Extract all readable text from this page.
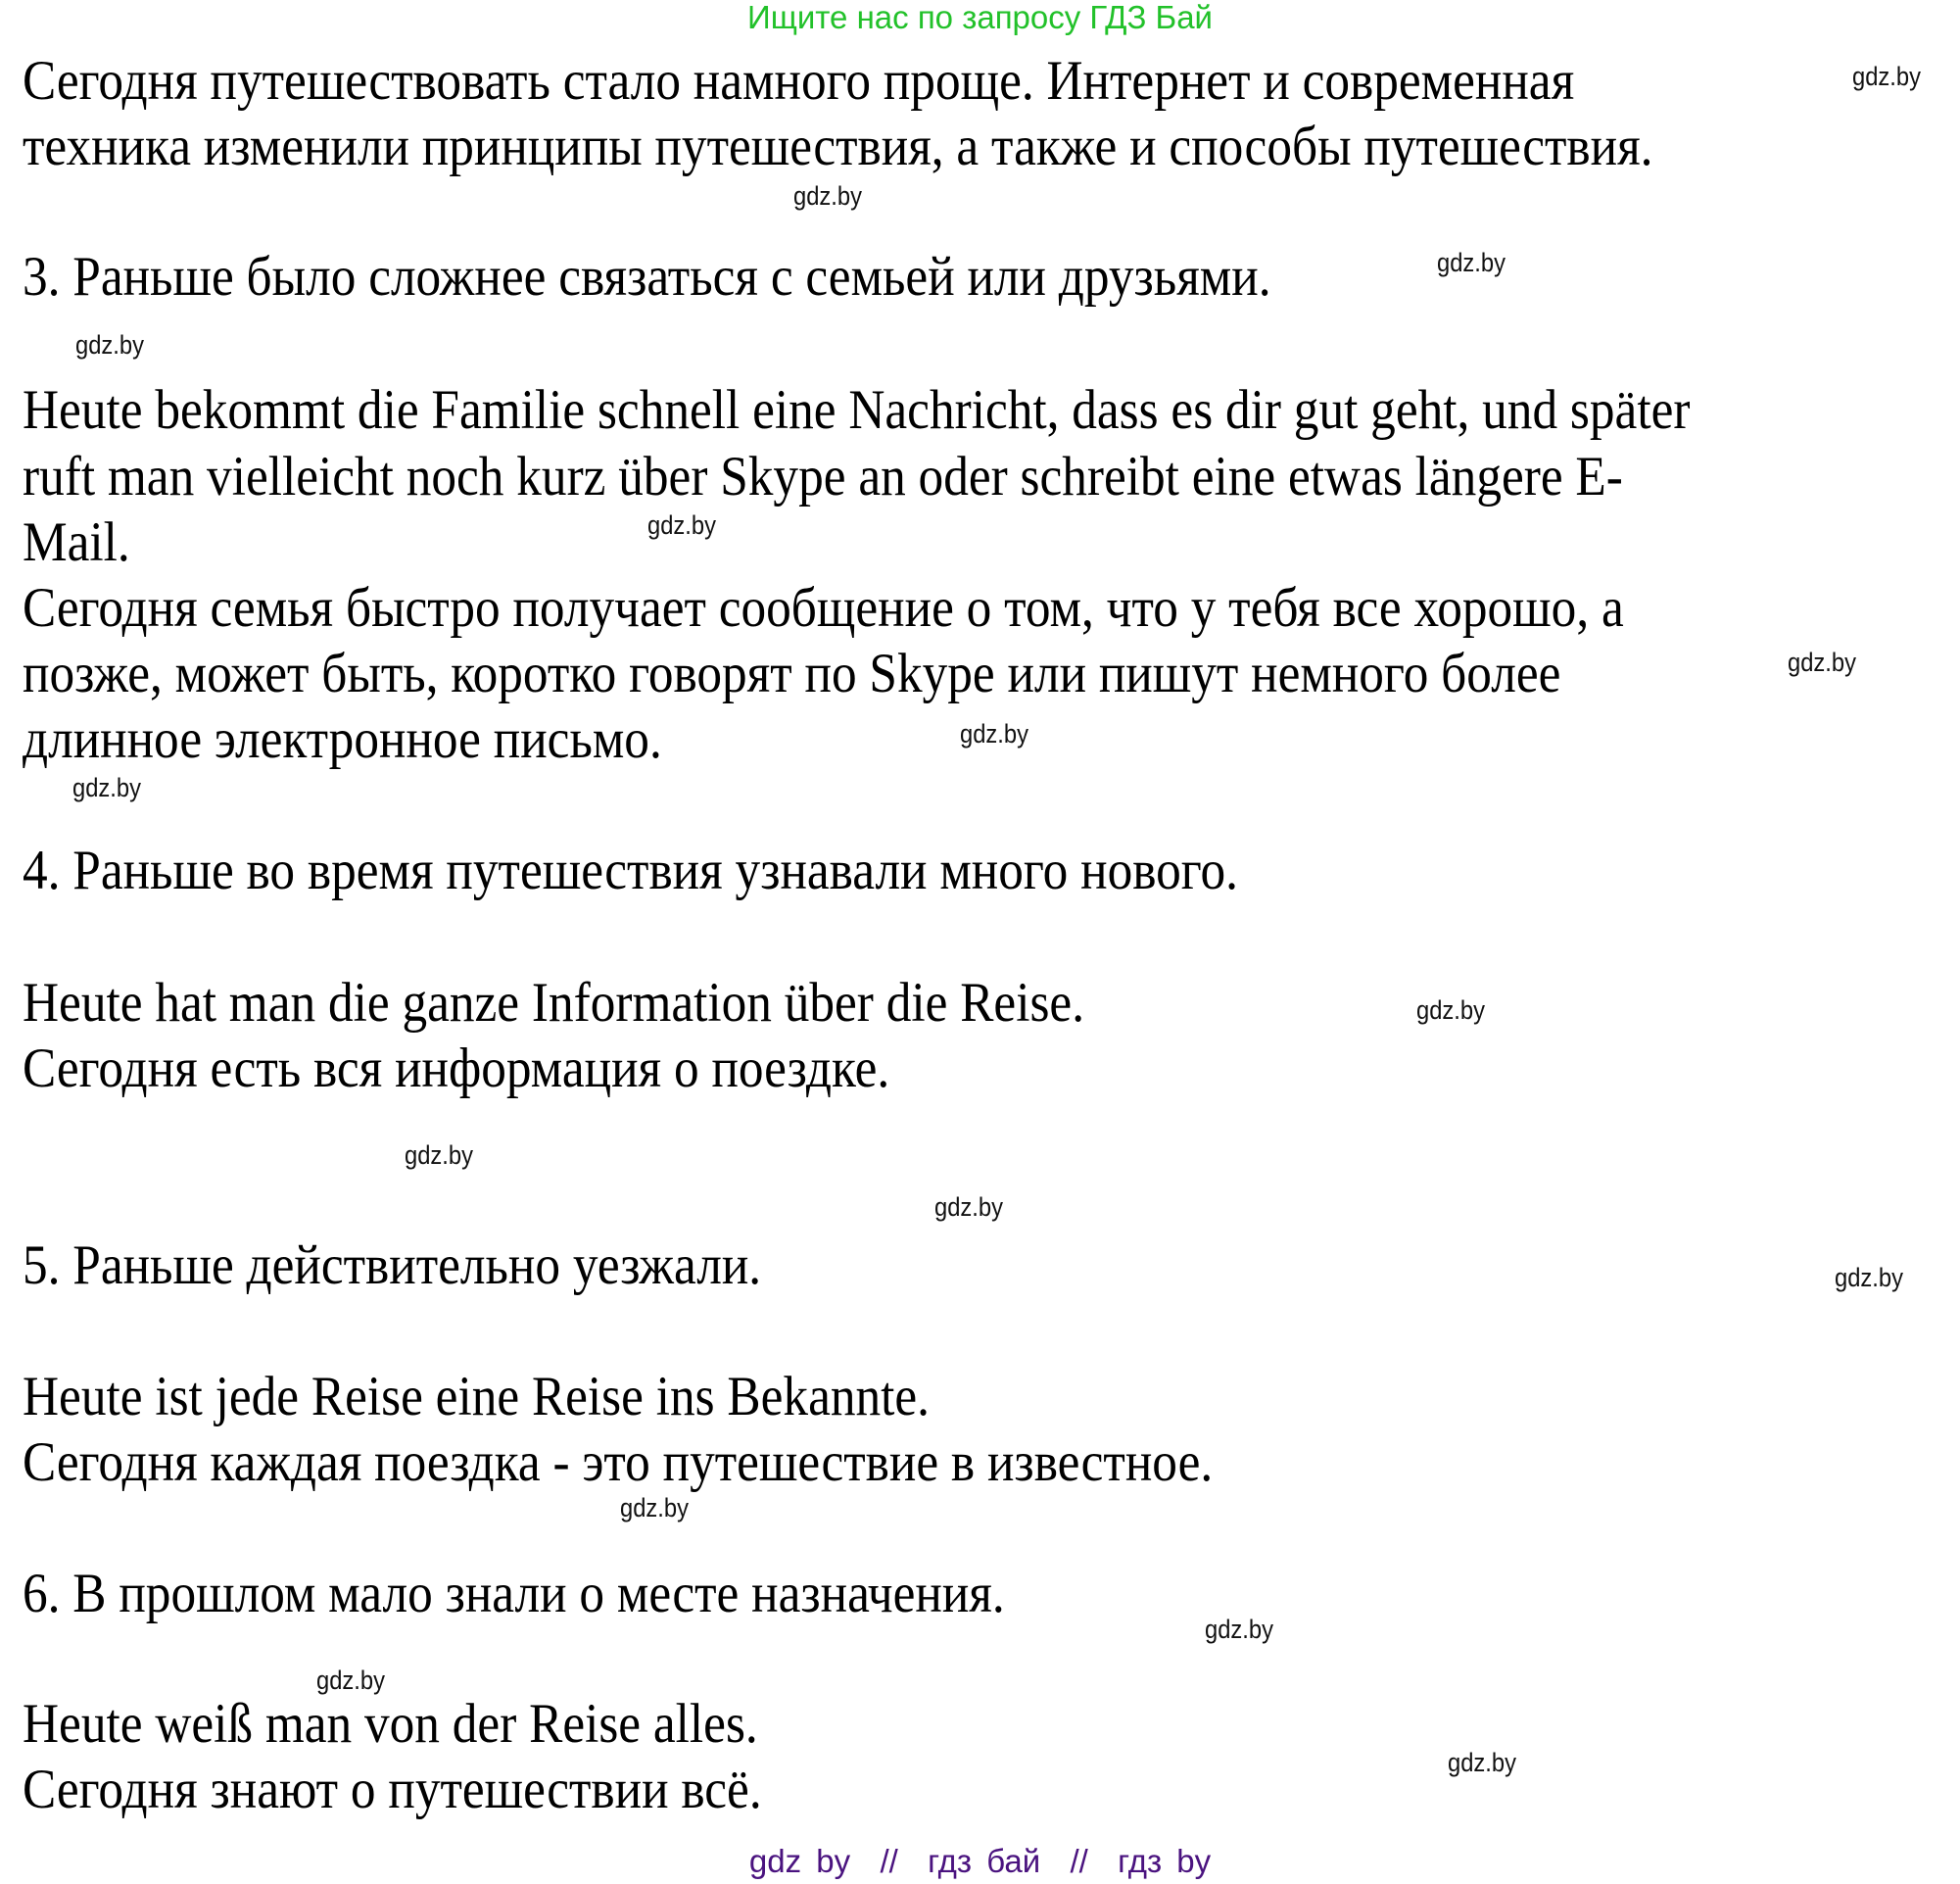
Ищите нас по запросу ГДЗ Бай
Сегодня путешествовать стало намного проще. Интернет и современная
техника изменили принципы путешествия, а также и способы путешествия.
3. Раньше было сложнее связаться с семьей или друзьями.
Heute bekommt die Familie schnell eine Nachricht, dass es dir gut geht, und später
ruft man vielleicht noch kurz über Skype an oder schreibt eine etwas längere E-
Mail.
Сегодня семья быстро получает сообщение о том, что у тебя все хорошо, а
позже, может быть, коротко говорят по Skype или пишут немного более
длинное электронное письмо.
4. Раньше во время путешествия узнавали много нового.
Heute hat man die ganze Information über die Reise.
Сегодня есть вся информация о поездке.
5. Раньше действительно уезжали.
Heute ist jede Reise eine Reise ins Bekannte.
Сегодня каждая поездка - это путешествие в известное.
6. В прошлом мало знали о месте назначения.
Heute weiß man von der Reise alles.
Сегодня знают о путешествии всё.
gdz.by
gdz.by
gdz.by
gdz.by
gdz.by
gdz.by
gdz.by
gdz.by
gdz.by
gdz.by
gdz.by
gdz.by
gdz.by
gdz.by
gdz.by
gdz.by
gdz by  //  гдз бай  //  гдз by
